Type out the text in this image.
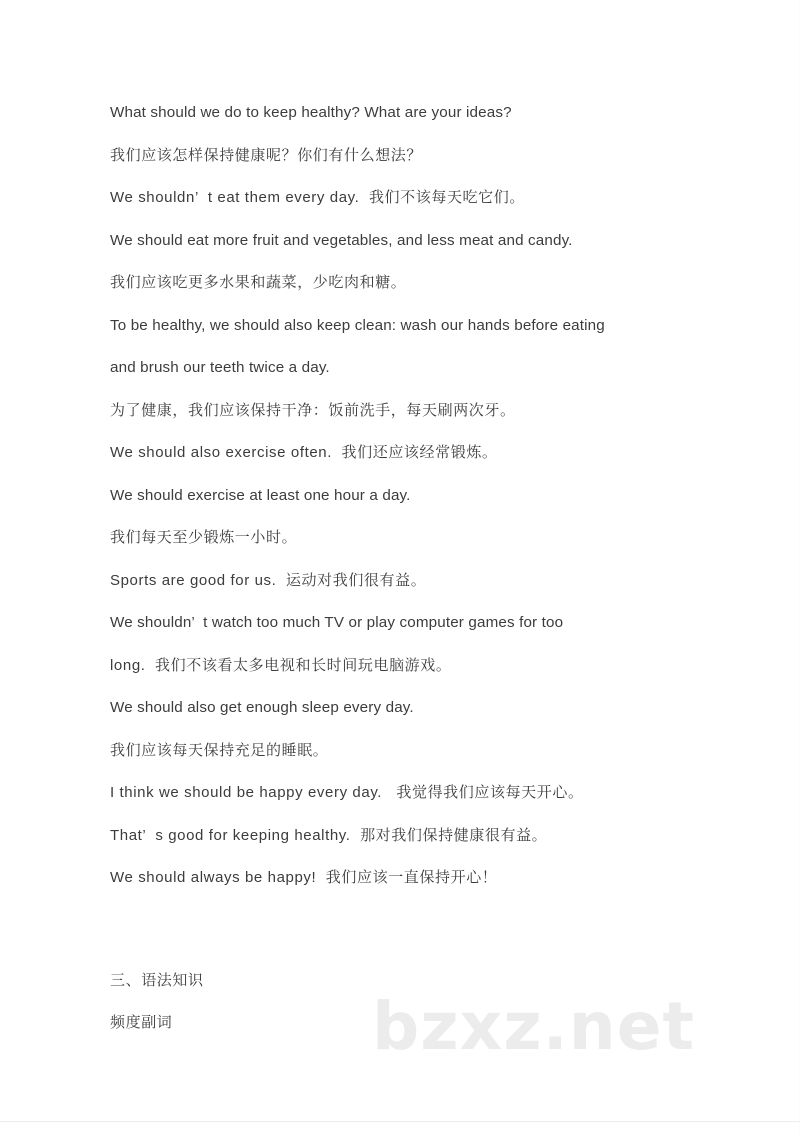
bzxz.net
What should we do to keep healthy? What are your ideas?
我们应该怎样保持健康呢？你们有什么想法？
We shouldn’  t eat them every day.  我们不该每天吃它们。
We should eat more fruit and vegetables, and less meat and candy.
我们应该吃更多水果和蔬菜，少吃肉和糖。
To be healthy, we should also keep clean: wash our hands before eating
and brush our teeth twice a day.
为了健康，我们应该保持干净：饭前洗手，每天刷两次牙。
We should also exercise often.  我们还应该经常锻炼。
We should exercise at least one hour a day.
我们每天至少锻炼一小时。
Sports are good for us.  运动对我们很有益。
We shouldn’  t watch too much TV or play computer games for too
long.  我们不该看太多电视和长时间玩电脑游戏。
We should also get enough sleep every day.
我们应该每天保持充足的睡眠。
I think we should be happy every day.   我觉得我们应该每天开心。
That’  s good for keeping healthy.  那对我们保持健康很有益。
We should always be happy!  我们应该一直保持开心！
三、语法知识
频度副词
